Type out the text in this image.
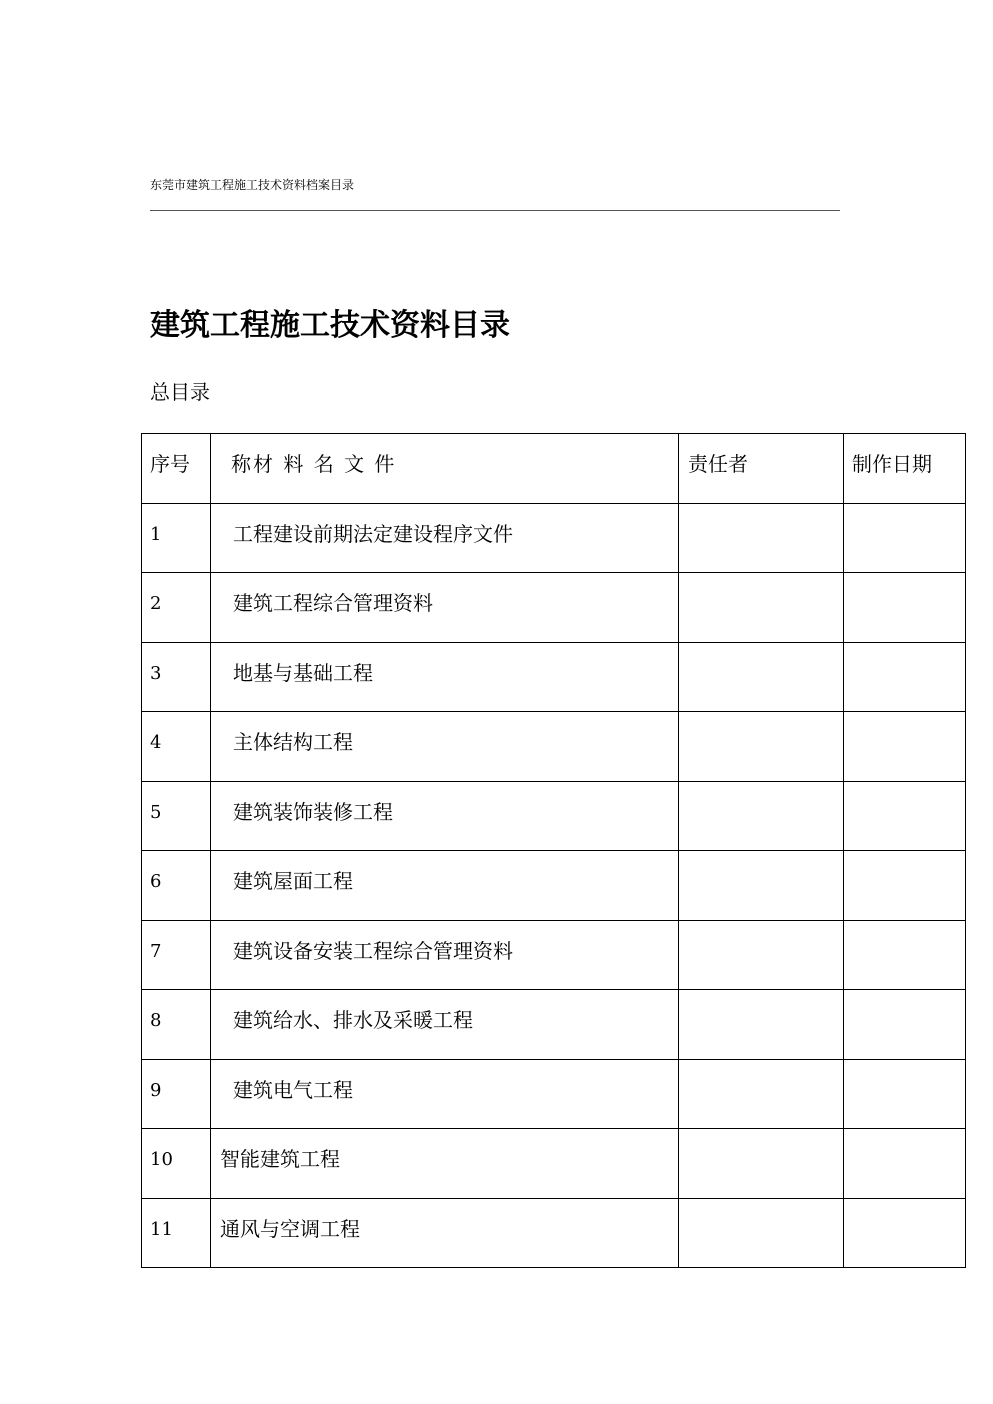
东莞市建筑工程施工技术资料档案目录
建筑工程施工技术资料目录
总目录
序号	称材 料 名 文 件	责任者	制作日期

1	工程建设前期法定建设程序文件		

2	建筑工程综合管理资料		

3	地基与基础工程		

4	主体结构工程		

5	建筑装饰装修工程		

6	建筑屋面工程		

7	建筑设备安装工程综合管理资料		

8	建筑给水、排水及采暖工程		

9	建筑电气工程		

10	智能建筑工程		

11	通风与空调工程		
